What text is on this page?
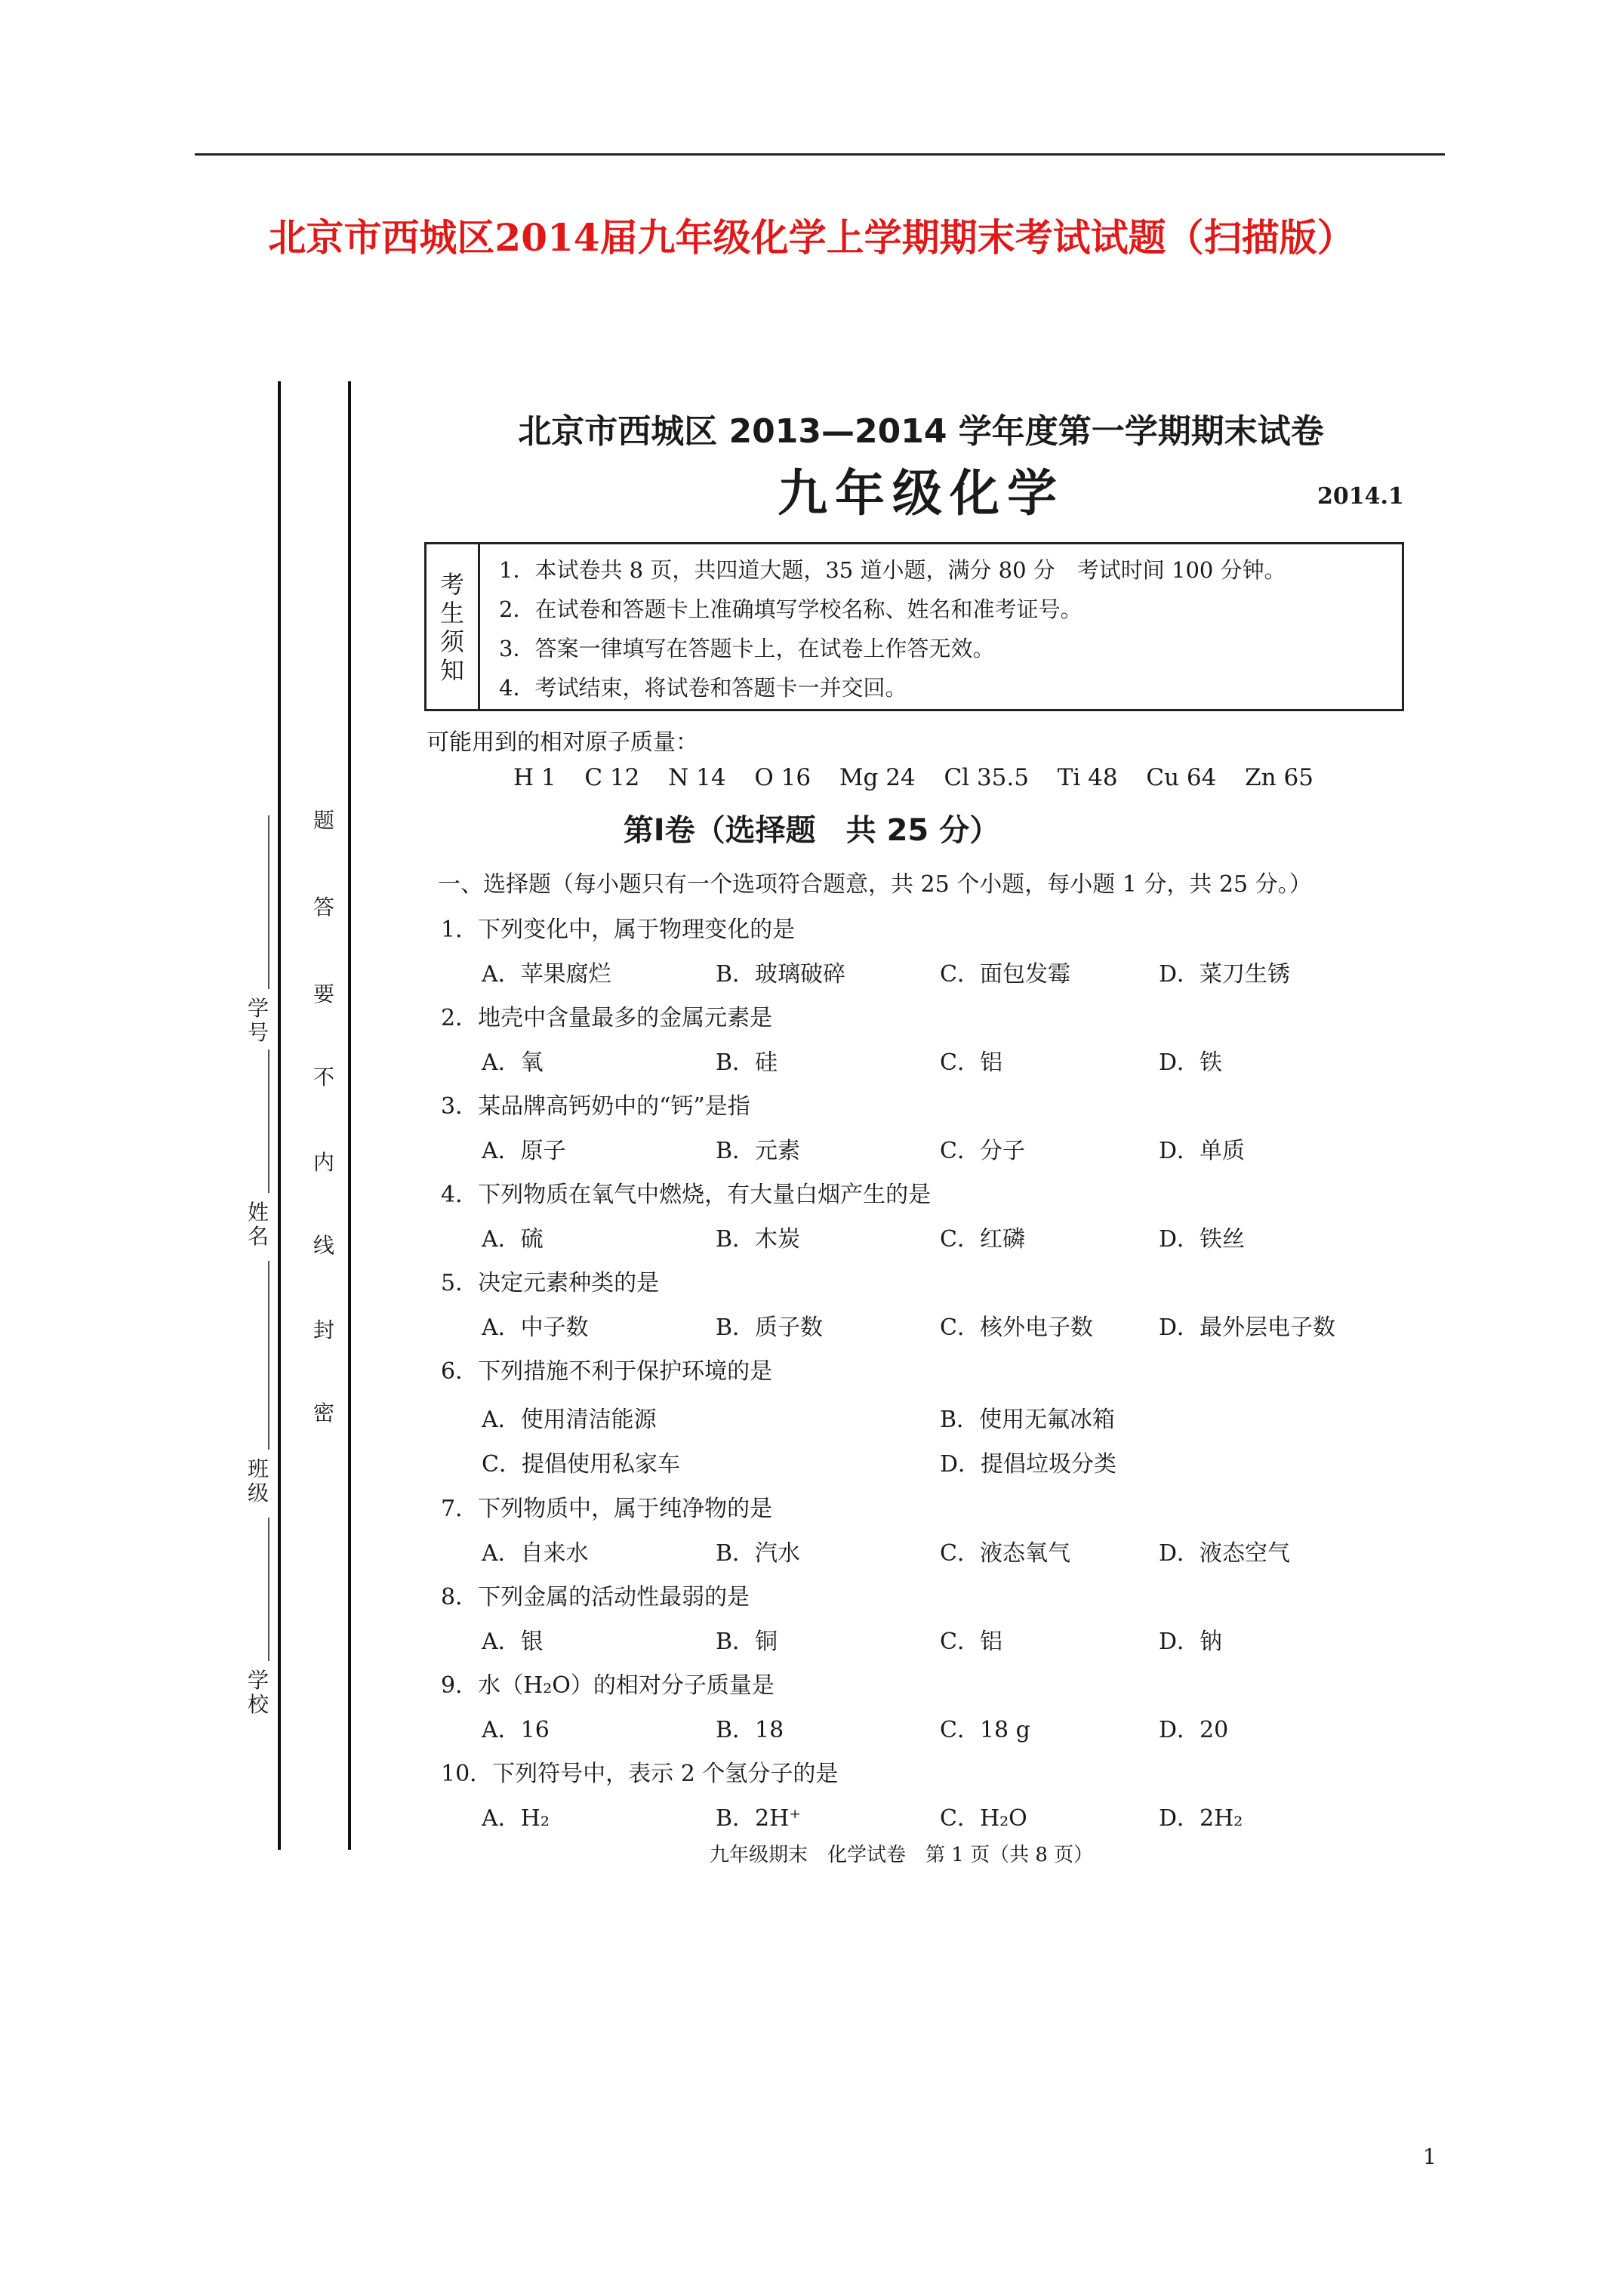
北京市西城区2014届九年级化学上学期期末考试试题（扫描版）
题
答
要
不
内
线
封
密
学号
姓名
班级
学校
北京市西城区 2013—2014 学年度第一学期期末试卷
九年级化学	2014.1
考生须知
1．本试卷共 8 页，共四道大题，35 道小题，满分 80 分　考试时间 100 分钟。
2．在试卷和答题卡上准确填写学校名称、姓名和准考证号。
3．答案一律填写在答题卡上，在试卷上作答无效。
4．考试结束，将试卷和答题卡一并交回。
可能用到的相对原子质量：
H 1 C 12 N 14 O 16 Mg 24 Cl 35.5 Ti 48 Cu 64 Zn 65
第Ⅰ卷（选择题　共 25 分）
一、选择题（每小题只有一个选项符合题意，共 25 个小题，每小题 1 分，共 25 分。）
1．下列变化中，属于物理变化的是
A．苹果腐烂	B．玻璃破碎	C．面包发霉	D．菜刀生锈
2．地壳中含量最多的金属元素是
A．氧	B．硅	C．铝	D．铁
3．某品牌高钙奶中的“钙”是指
A．原子	B．元素	C．分子	D．单质
4．下列物质在氧气中燃烧，有大量白烟产生的是
A．硫	B．木炭	C．红磷	D．铁丝
5．决定元素种类的是
A．中子数	B．质子数	C．核外电子数	D．最外层电子数
6．下列措施不利于保护环境的是
A．使用清洁能源	B．使用无氟冰箱
C．提倡使用私家车	D．提倡垃圾分类
7．下列物质中，属于纯净物的是
A．自来水	B．汽水	C．液态氧气	D．液态空气
8．下列金属的活动性最弱的是
A．银	B．铜	C．铝	D．钠
9．水（H₂O）的相对分子质量是
A．16	B．18	C．18 g	D．20
10．下列符号中，表示 2 个氢分子的是
A．H₂	B．2H⁺	C．H₂O	D．2H₂
九年级期末　化学试卷　第 1 页（共 8 页）
1
